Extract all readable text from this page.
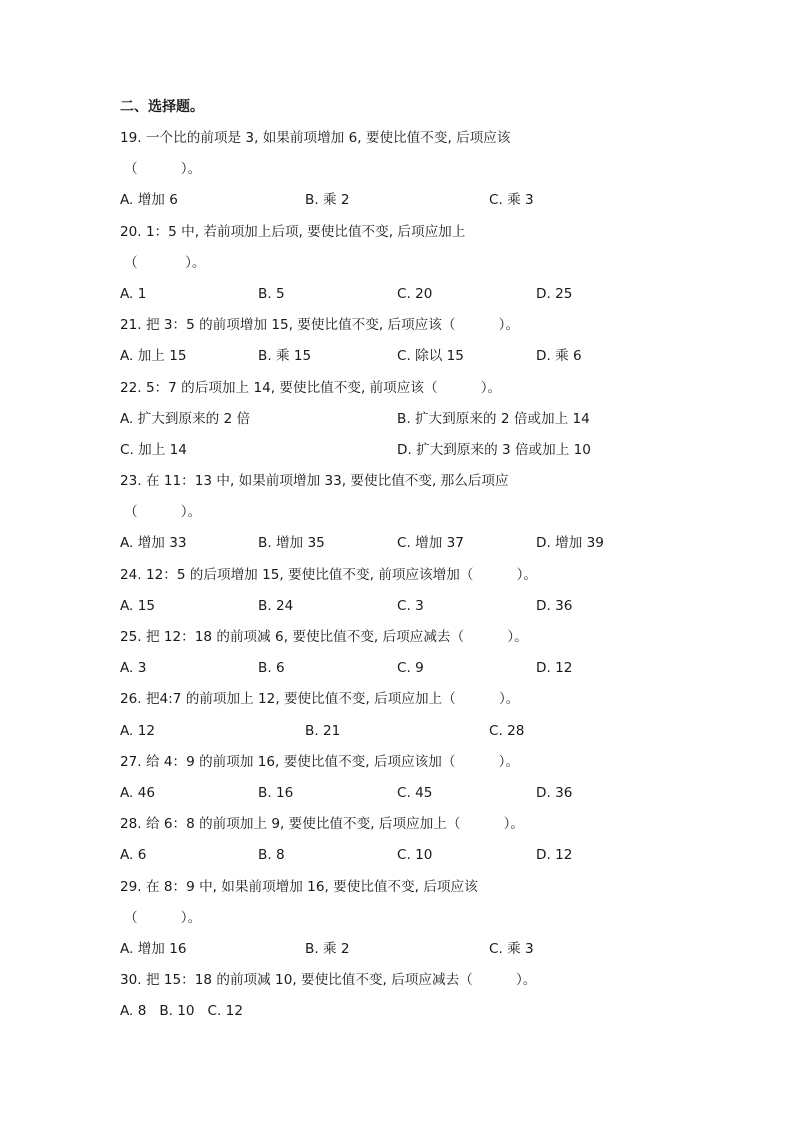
二、选择题。
19. 一个比的前项是 3, 如果前项增加 6, 要使比值不变, 后项应该
（          ）。

A. 增加 6

	B. 乘 2

	C. 乘 3

20. 1：5 中, 若前项加上后项, 要使比值不变, 后项应加上
（           ）。

A. 1

	B. 5

	C. 20

	D. 25

21. 把 3：5 的前项增加 15, 要使比值不变, 后项应该（          ）。

A. 加上 15

	B. 乘 15

	C. 除以 15

	D. 乘 6

22. 5：7 的后项加上 14, 要使比值不变, 前项应该（          ）。

A. 扩大到原来的 2 倍

	B. 扩大到原来的 2 倍或加上 14

C. 加上 14

	D. 扩大到原来的 3 倍或加上 10

23. 在 11：13 中, 如果前项增加 33, 要使比值不变, 那么后项应
（          ）。

A. 增加 33

	B. 增加 35

	C. 增加 37

	D. 增加 39

24. 12：5 的后项增加 15, 要使比值不变, 前项应该增加（          ）。

A. 15

	B. 24

	C. 3

	D. 36

25. 把 12：18 的前项减 6, 要使比值不变, 后项应减去（          ）。

A. 3

	B. 6

	C. 9

	D. 12

26. 把4:7 的前项加上 12, 要使比值不变, 后项应加上（          ）。

A. 12

	B. 21

	C. 28

27. 给 4：9 的前项加 16, 要使比值不变, 后项应该加（          ）。

A. 46

	B. 16

	C. 45

	D. 36

28. 给 6：8 的前项加上 9, 要使比值不变, 后项应加上（          ）。

A. 6

	B. 8

	C. 10

	D. 12

29. 在 8：9 中, 如果前项增加 16, 要使比值不变, 后项应该
（          ）。

A. 增加 16

	B. 乘 2

	C. 乘 3

30. 把 15：18 的前项减 10, 要使比值不变, 后项应减去（          ）。
A. 8   B. 10   C. 12
